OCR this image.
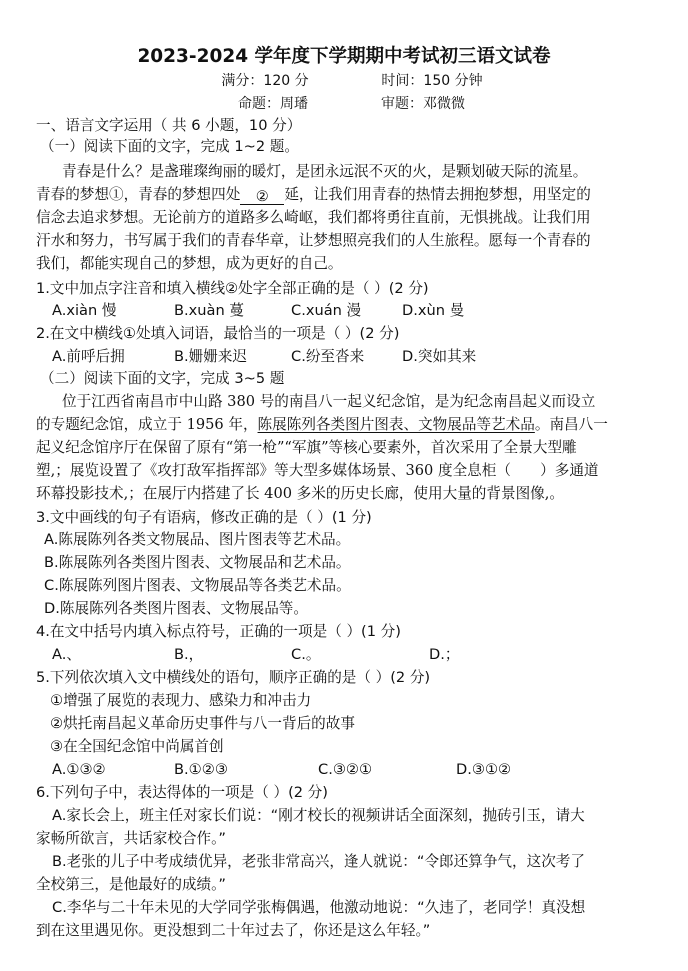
2023-2024 学年度下学期期中考试初三语文试卷
满分：120 分	时间：150 分钟
命题：周璠	审题：邓微微
一、语言文字运用（ 共 6 小题，10 分）
（一）阅读下面的文字，完成 1~2 题。
青春是什么？是盏璀璨绚丽的暖灯，是团永远泯不灭的火，是颗划破天际的流星。
青春的梦想①，青春的梦想四处 ② 延，让我们用青春的热情去拥抱梦想，用坚定的
信念去追求梦想。无论前方的道路多么崎岖，我们都将勇往直前，无惧挑战。让我们用
汗水和努力，书写属于我们的青春华章，让梦想照亮我们的人生旅程。愿每一个青春的
我们，都能实现自己的梦想，成为更好的自己。
1.文中加点字注音和填入横线②处字全部正确的是（ ）(2 分)
A.xiàn 慢	B.xuàn 蔓	C.xuán 漫	D.xùn 曼
2.在文中横线①处填入词语，最恰当的一项是（ ）(2 分)
A.前呼后拥	B.姗姗来迟	C.纷至沓来	D.突如其来
（二）阅读下面的文字，完成 3~5 题
位于江西省南昌市中山路 380 号的南昌八一起义纪念馆，是为纪念南昌起义而设立
的专题纪念馆，成立于 1956 年，陈展陈列各类图片图表、文物展品等艺术品。南昌八一
起义纪念馆序厅在保留了原有“第一枪”“军旗”等核心要素外，首次采用了全景大型雕
塑,；展览设置了《攻打敌军指挥部》等大型多媒体场景、360 度全息柜（　　）多通道
环幕投影技术,；在展厅内搭建了长 400 多米的历史长廊，使用大量的背景图像,。
3.文中画线的句子有语病，修改正确的是（ ）(1 分)
A.陈展陈列各类文物展品、图片图表等艺术品。
B.陈展陈列各类图片图表、文物展品和艺术品。
C.陈展陈列图片图表、文物展品等各类艺术品。
D.陈展陈列各类图片图表、文物展品等。
4.在文中括号内填入标点符号，正确的一项是（ ）(1 分)
A.、	B.，	C.。	D.；
5.下列依次填入文中横线处的语句，顺序正确的是（ ）(2 分)
①增强了展览的表现力、感染力和冲击力
②烘托南昌起义革命历史事件与八一背后的故事
③在全国纪念馆中尚属首创
A.①③②	B.①②③	C.③②①	D.③①②
6.下列句子中，表达得体的一项是（ ）(2 分)
A.家长会上，班主任对家长们说：“刚才校长的视频讲话全面深刻，抛砖引玉，请大
家畅所欲言，共话家校合作。”
B.老张的儿子中考成绩优异，老张非常高兴，逢人就说：“令郎还算争气，这次考了
全校第三，是他最好的成绩。”
C.李华与二十年未见的大学同学张梅偶遇，他激动地说：“久违了，老同学！真没想
到在这里遇见你。更没想到二十年过去了，你还是这么年轻。”
